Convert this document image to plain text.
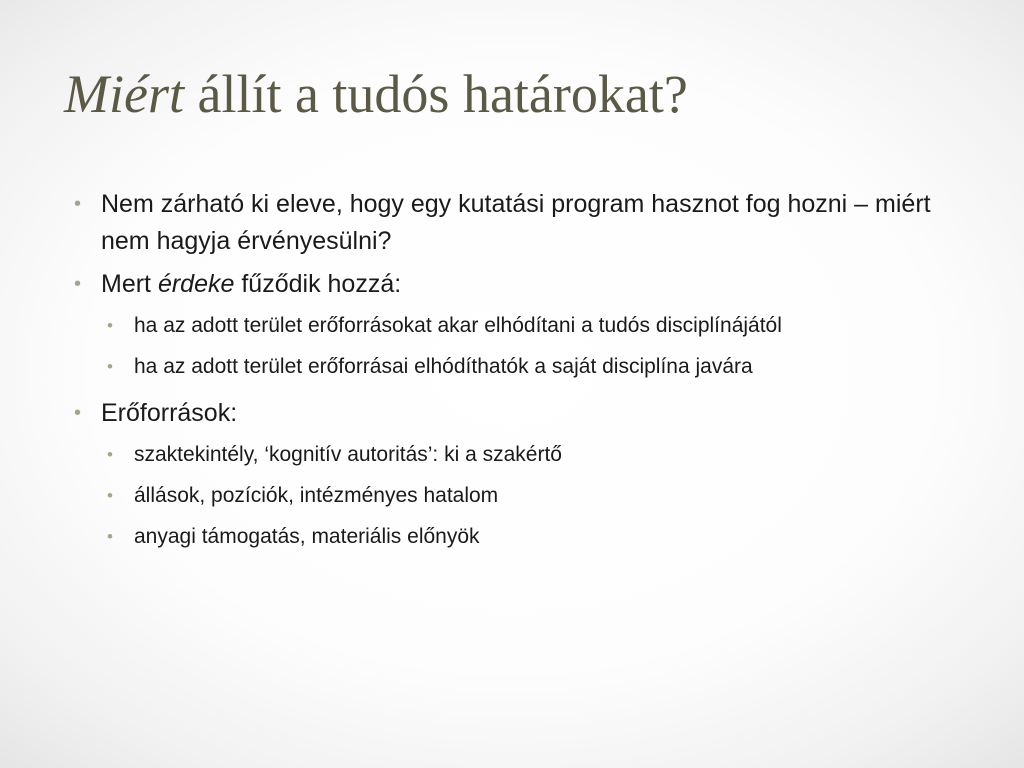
Miért állít a tudós határokat?
• Nem zárható ki eleve, hogy egy kutatási program hasznot fog hozni – miért nem hagyja érvényesülni?
• Mert érdeke fűződik hozzá:
• ha az adott terület erőforrásokat akar elhódítani a tudós disciplínájától
• ha az adott terület erőforrásai elhódíthatók a saját disciplína javára
• Erőforrások:
• szaktekintély, ‘kognitív autoritás’: ki a szakértő
• állások, pozíciók, intézményes hatalom
• anyagi támogatás, materiális előnyök
